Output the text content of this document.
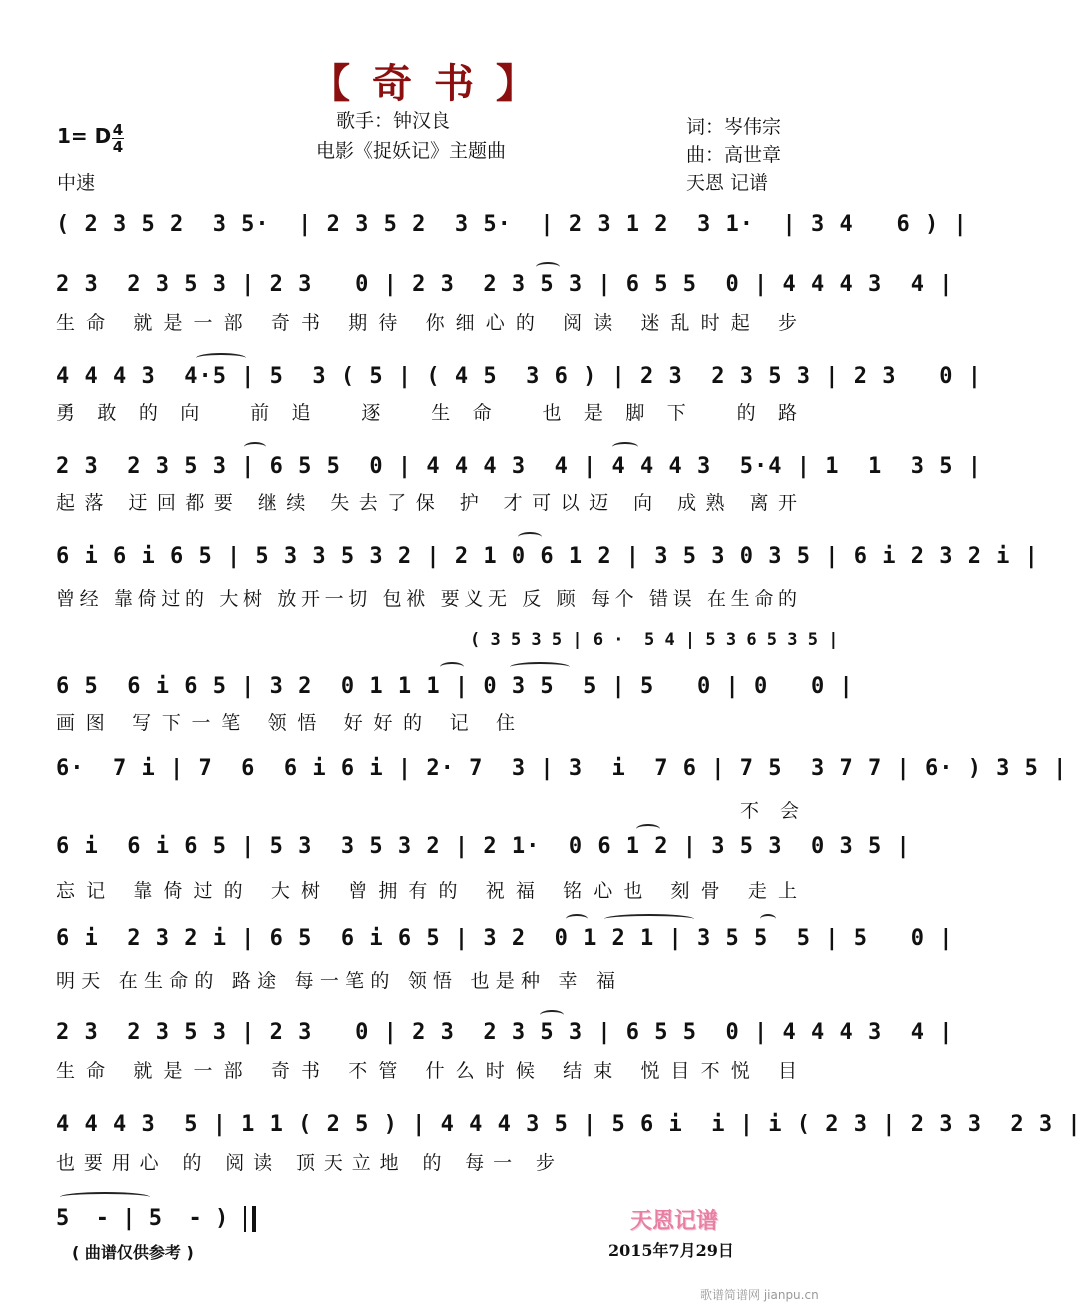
【 奇 书 】
歌手：钟汉良
电影《捉妖记》主题曲
词：岑伟宗
曲：高世章
天恩 记谱
1= D 4
4
中速

( 2 3 5 2  3 5·  | 2 3 5 2  3 5·  | 2 3 1 2  3 1·  | 3 4   6 ) |

2 3  2 3 5 3 | 2 3   0 | 2 3  2 3 5 3 | 6 5 5  0 | 4 4 4 3  4 |

生命 就是一部 奇书 期待 你细心的 阅读 迷乱时起 步

4 4 4 3  4·5 | 5  3 ( 5 | ( 4 5  3 6 ) | 2 3  2 3 5 3 | 2 3   0 |

勇敢的向 前追 逐 生命 也是脚下 的路

2 3  2 3 5 3 | 6 5 5  0 | 4 4 4 3  4 | 4 4 4 3  5·4 | 1  1  3 5 |

起落 迂回都要 继续 失去了保 护 才可以迈 向 成熟 离开

6 i 6 i 6 5 | 5 3 3 5 3 2 | 2 1 0 6 1 2 | 3 5 3 0 3 5 | 6 i 2 3 2 i |

曾经 靠倚过的 大树 放开一切 包袱 要义无 反 顾 每个 错误 在生命的
( 3 5 3 5 | 6 ·  5 4 | 5 3 6 5 3 5 |

6 5  6 i 6 5 | 3 2  0 1 1 1 | 0 3 5  5 | 5   0 | 0   0 |

画图 写下一笔 领悟 好好的 记 住

6·  7 i | 7  6  6 i 6 i | 2· 7  3 | 3  i  7 6 | 7 5  3 7 7 | 6· ) 3 5 |

不会

6 i  6 i 6 5 | 5 3  3 5 3 2 | 2 1·  0 6 1 2 | 3 5 3  0 3 5 |

忘记 靠倚过的 大树 曾拥有的 祝福 铭心也 刻骨 走上

6 i  2 3 2 i | 6 5  6 i 6 5 | 3 2  0 1 2 1 | 3 5 5  5 | 5   0 |

明天 在生命的 路途 每一笔的 领悟 也是种 幸 福

2 3  2 3 5 3 | 2 3   0 | 2 3  2 3 5 3 | 6 5 5  0 | 4 4 4 3  4 |

生命 就是一部 奇书 不管 什么时候 结束 悦目不悦 目

4 4 4 3  5 | 1 1 ( 2 5 ) | 4 4 4 3 5 | 5 6 i  i | i ( 2 3 | 2 3 3  2 3 |

也要用心 的 阅读 顶天立地 的 每一 步
5  - | 5  - )
( 曲谱仅供参考 )
天恩记谱
2015年7月29日
歌谱简谱网 jianpu.cn
